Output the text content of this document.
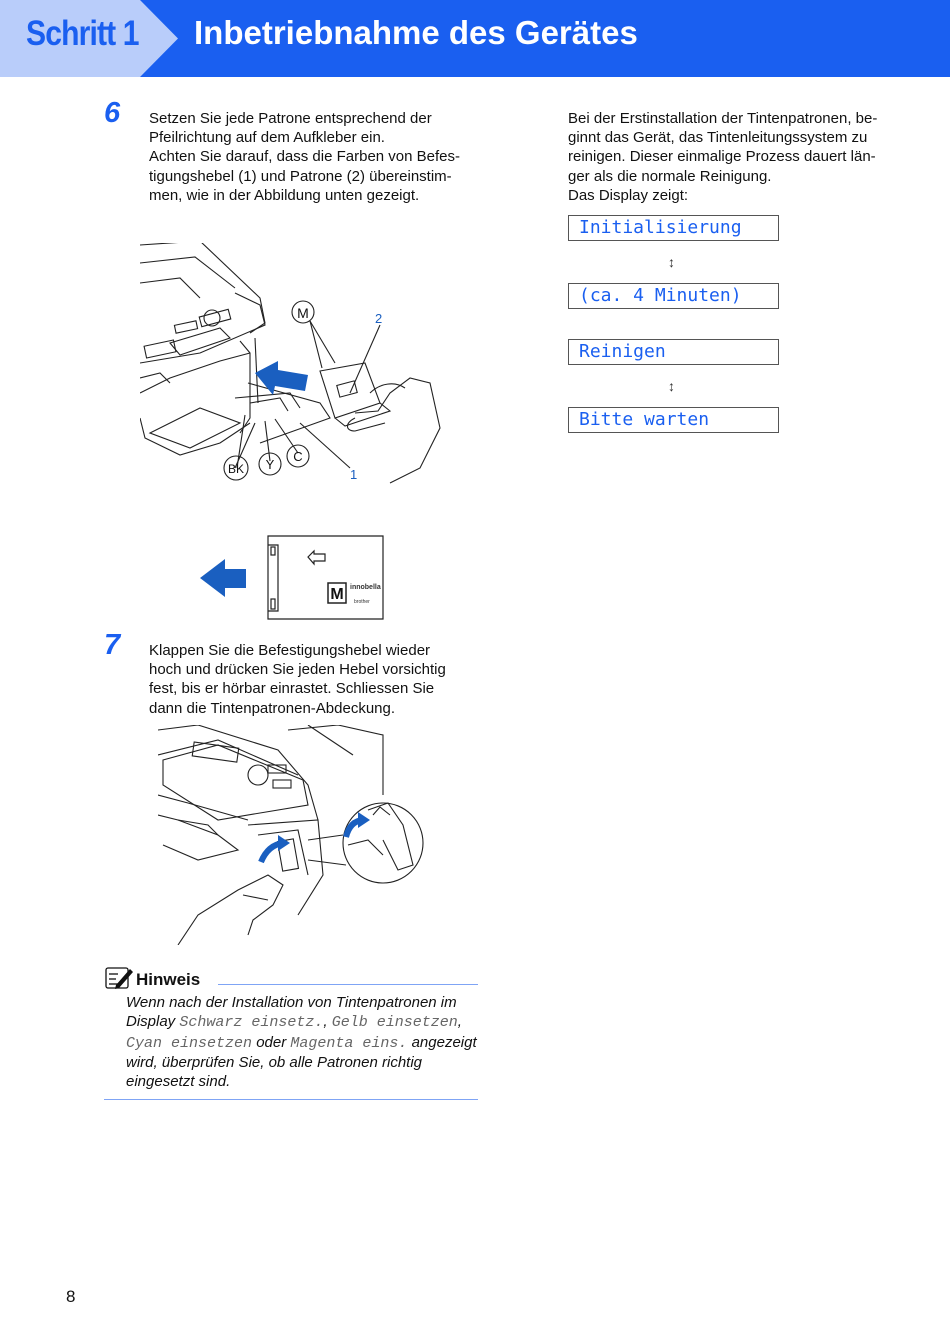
Schritt 1 Inbetriebnahme des Gerätes
6 Setzen Sie jede Patrone entsprechend der
Pfeilrichtung auf dem Aufkleber ein.
Achten Sie darauf, dass die Farben von Befes-
tigungshebel (1) und Patrone (2) übereinstim-
men, wie in der Abbildung unten gezeigt.
M
BK Y
C
2
1
M innobella
brother
Bei der Erstinstallation der Tintenpatronen, be-
ginnt das Gerät, das Tintenleitungssystem zu
reinigen. Dieser einmalige Prozess dauert län-
ger als die normale Reinigung.
Das Display zeigt:
Initialisierung
↕
(ca. 4 Minuten)
Reinigen
↕
Bitte warten
7 Klappen Sie die Befestigungshebel wieder
hoch und drücken Sie jeden Hebel vorsichtig
fest, bis er hörbar einrastet. Schliessen Sie
dann die Tintenpatronen-Abdeckung.
Hinweis
Wenn nach der Installation von Tintenpatronen im Display Schwarz einsetz., Gelb einsetzen, Cyan einsetzen oder Magenta eins. angezeigt wird, überprüfen Sie, ob alle Patronen richtig eingesetzt sind.
8
